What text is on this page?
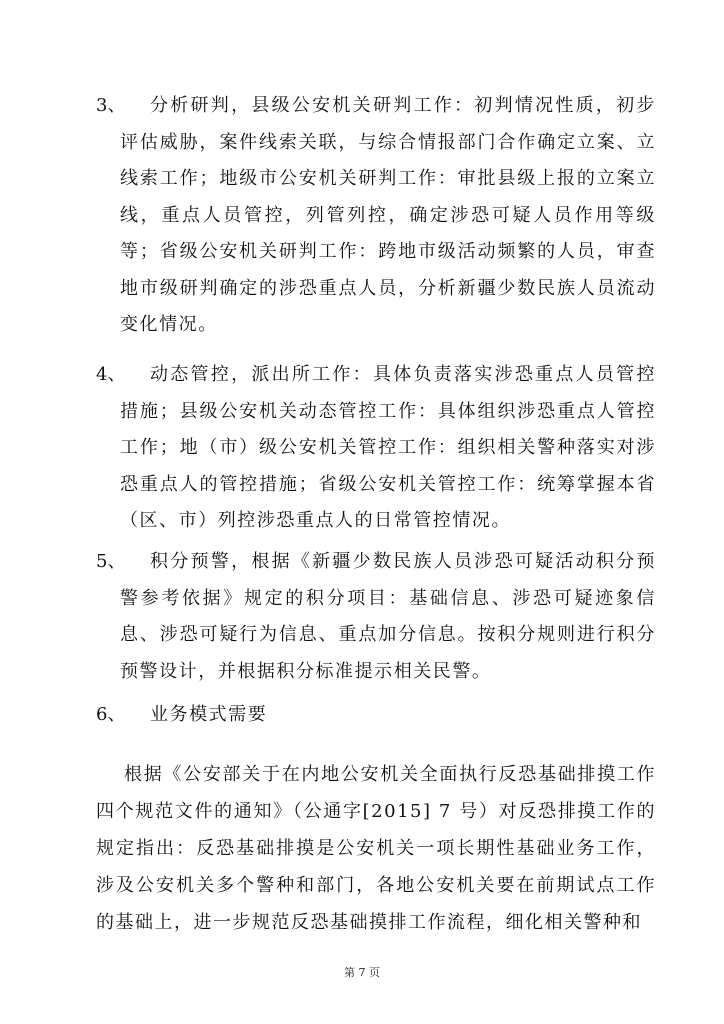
3、	分析研判，县级公安机关研判工作：初判情况性质，初步评估威胁，案件线索关联，与综合情报部门合作确定立案、立线索工作；地级市公安机关研判工作：审批县级上报的立案立线，重点人员管控，列管列控，确定涉恐可疑人员作用等级等；省级公安机关研判工作：跨地市级活动频繁的人员，审查地市级研判确定的涉恐重点人员，分析新疆少数民族人员流动变化情况。
4、	动态管控，派出所工作：具体负责落实涉恐重点人员管控措施；县级公安机关动态管控工作：具体组织涉恐重点人管控工作；地（市）级公安机关管控工作：组织相关警种落实对涉恐重点人的管控措施；省级公安机关管控工作：统筹掌握本省（区、市）列控涉恐重点人的日常管控情况。
5、	积分预警，根据《新疆少数民族人员涉恐可疑活动积分预警参考依据》规定的积分项目：基础信息、涉恐可疑迹象信息、涉恐可疑行为信息、重点加分信息。按积分规则进行积分预警设计，并根据积分标准提示相关民警。
6、	业务模式需要
根据《公安部关于在内地公安机关全面执行反恐基础排摸工作四个规范文件的通知》（公通字[2015] 7 号）对反恐排摸工作的规定指出：反恐基础排摸是公安机关一项长期性基础业务工作，涉及公安机关多个警种和部门，各地公安机关要在前期试点工作的基础上，进一步规范反恐基础摸排工作流程，细化相关警种和
第 7 页
